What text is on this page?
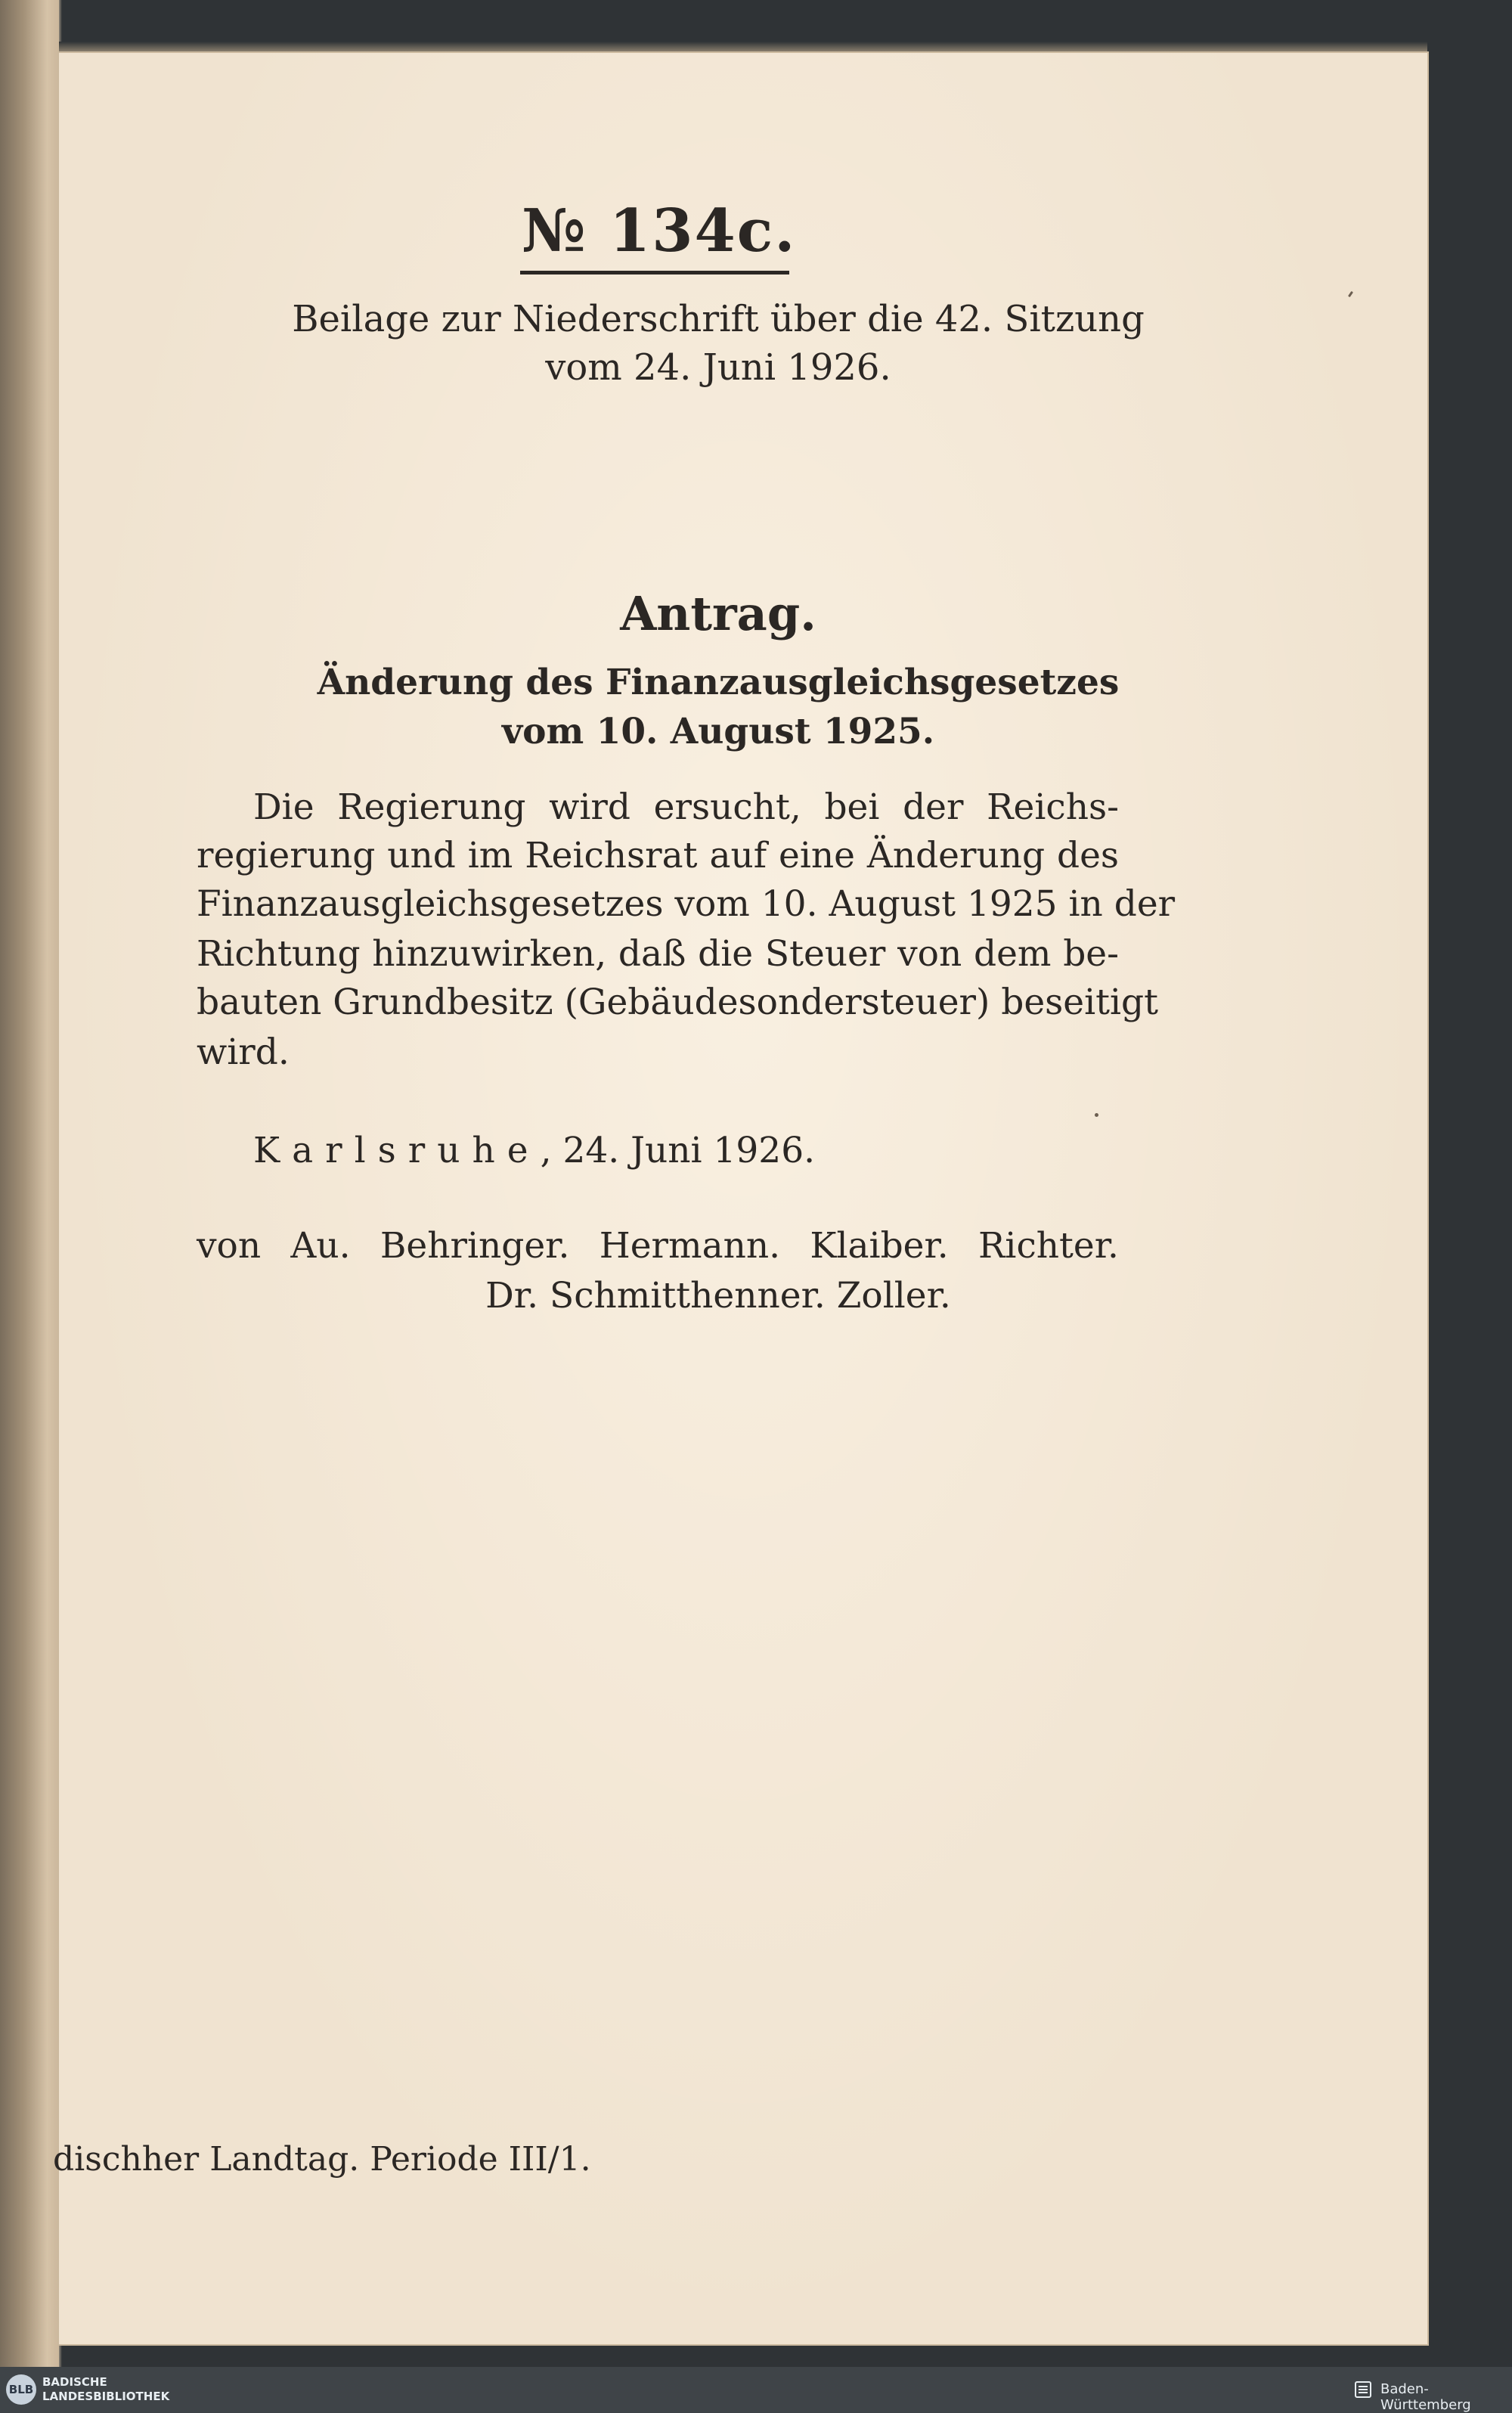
№ 134c.
Beilage zur Niederschrift über die 42. Sitzung
vom 24. Juni 1926.
Antrag.
Änderung des Finanzausgleichsgesetzes
vom 10. August 1925.
Die Regierung wird ersucht, bei der Reichs-
regierung und im Reichsrat auf eine Änderung des
Finanzausgleichsgesetzes vom 10. August 1925 in der
Richtung hinzuwirken, daß die Steuer von dem be-
bauten Grundbesitz (Gebäudesondersteuer) beseitigt
wird.
Karlsruhe, 24. Juni 1926.
von Au. Behringer. Hermann. Klaiber. Richter.
Dr. Schmitthenner. Zoller.
dischher Landtag. Periode III/1.
BLB
BADISCHE
LANDESBIBLIOTHEK	Baden-Württemberg
